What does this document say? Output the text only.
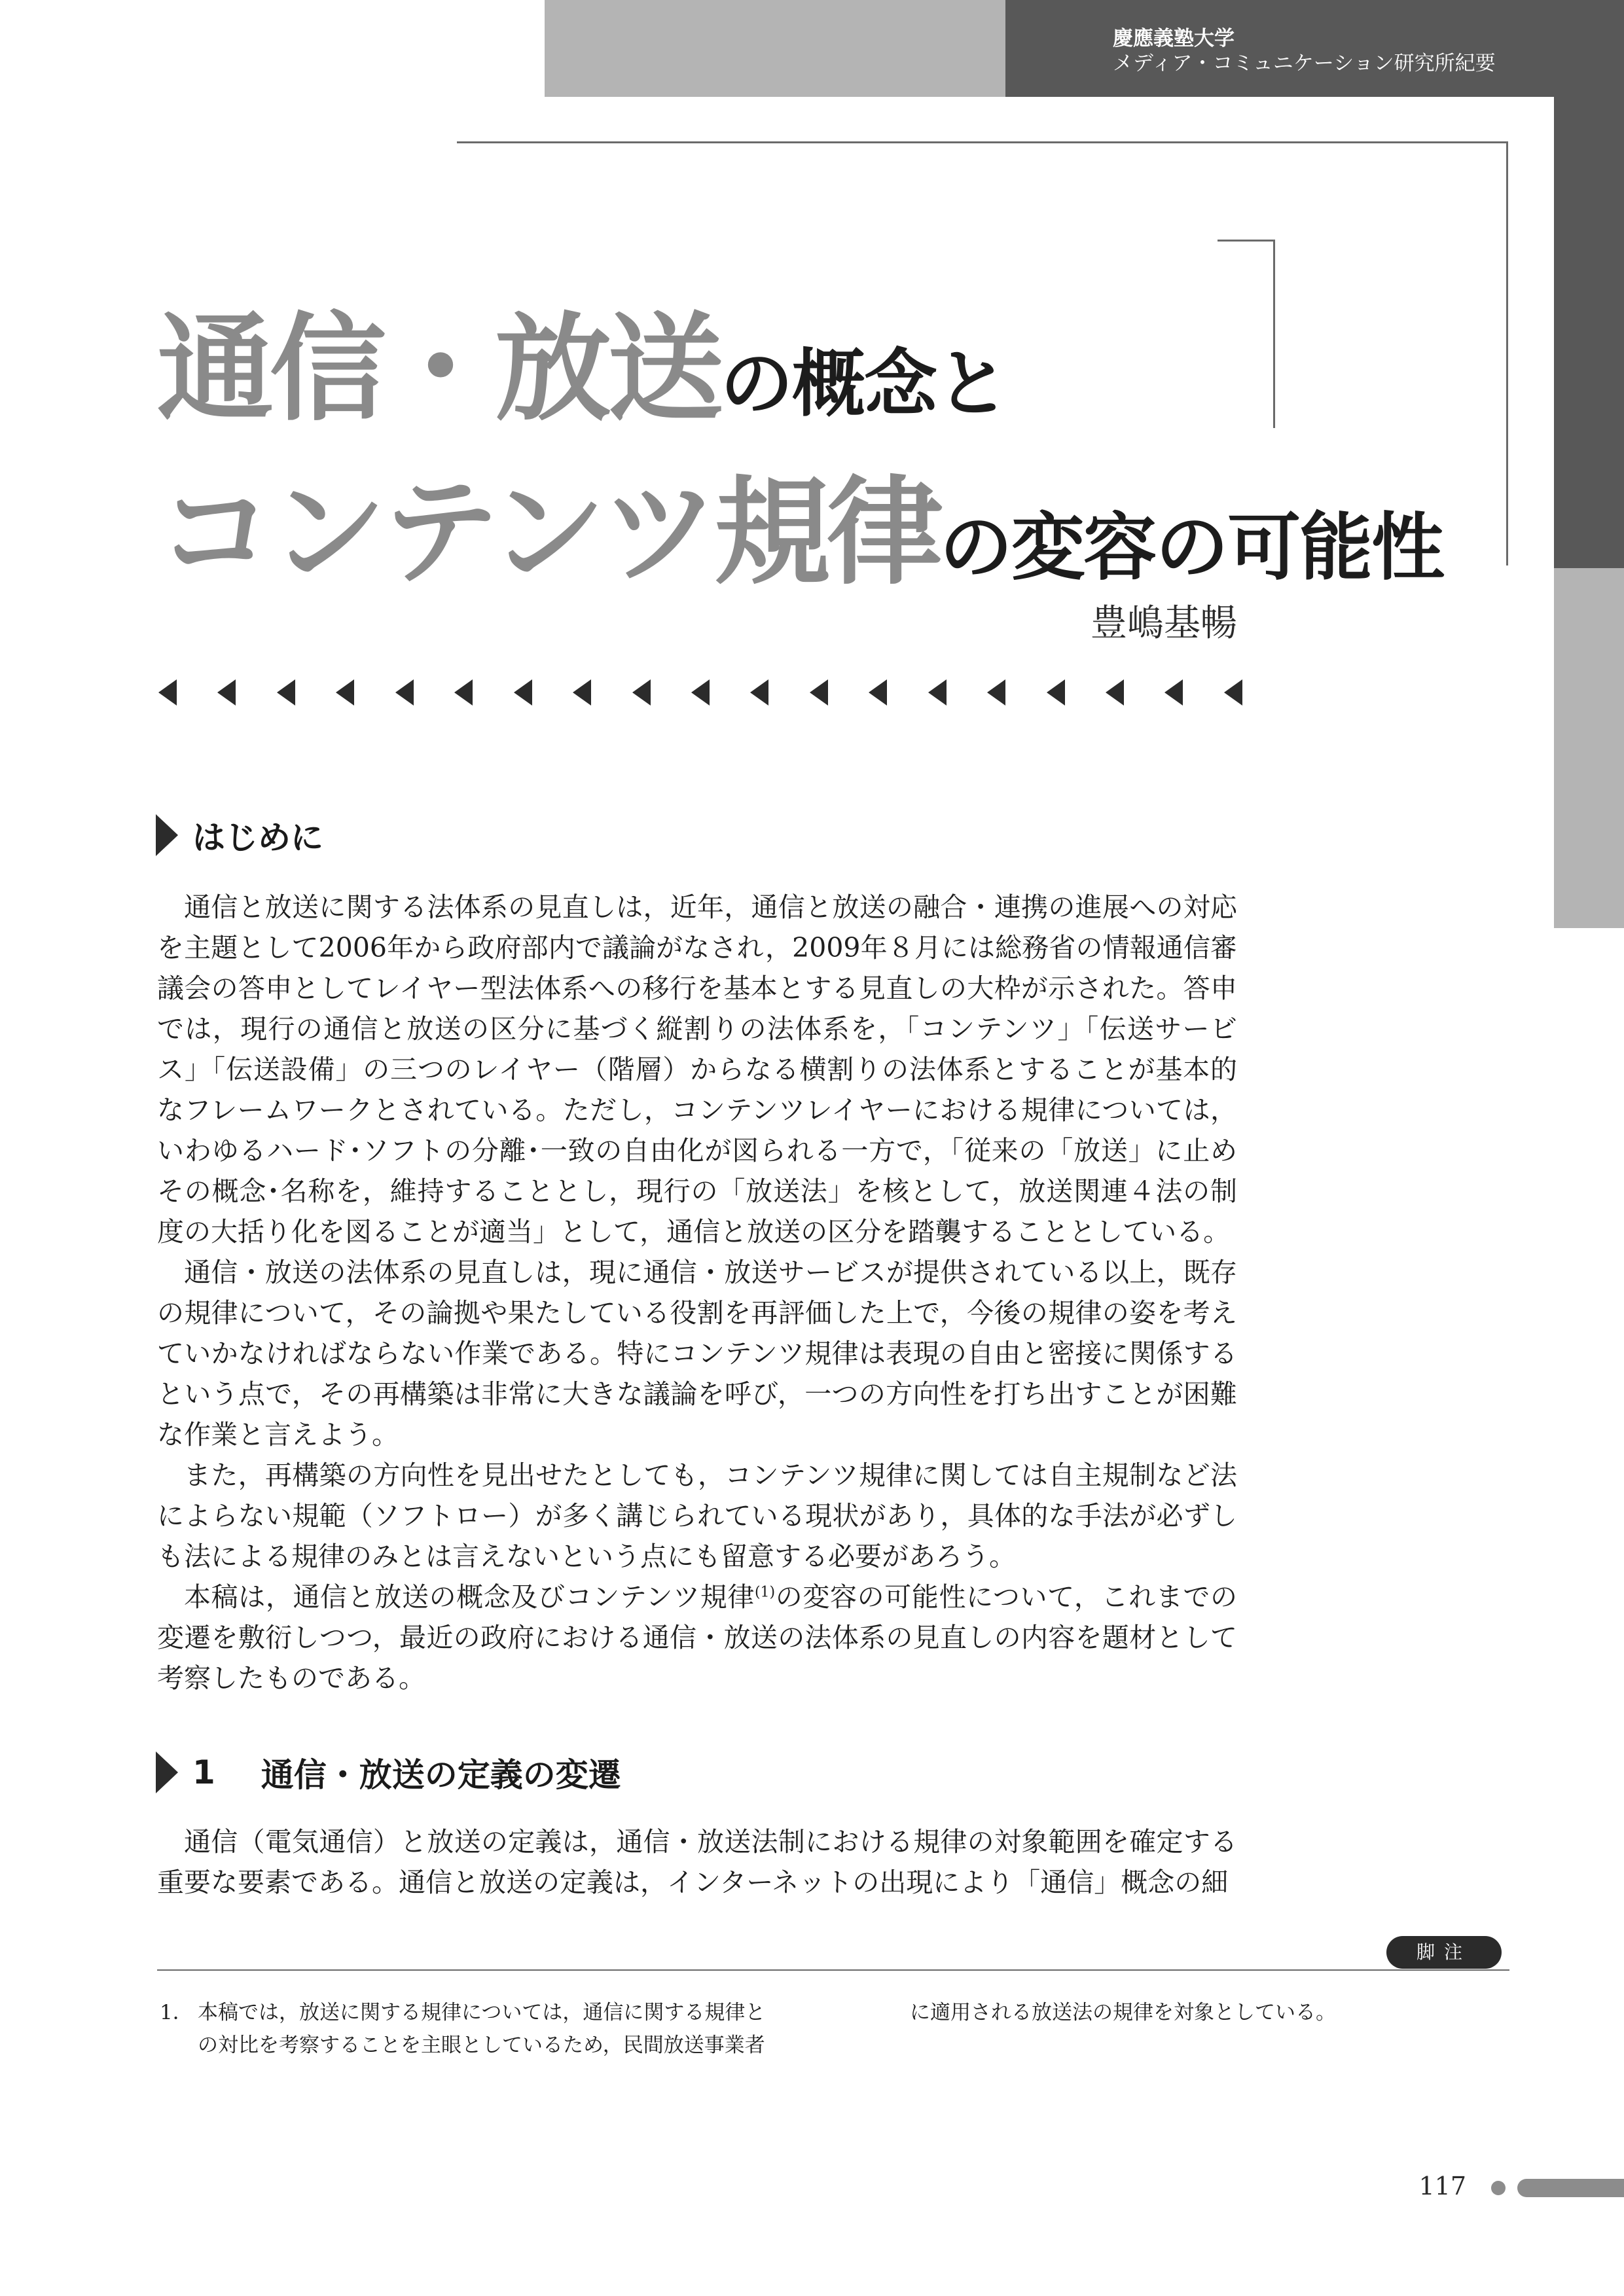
慶應義塾大学
メディア・コミュニケーション研究所紀要
通信・放送の概念と
コンテンツ規律の変容の可能性
豊嶋基暢
はじめに

通信と放送に関する法体系の見直しは，近年，通信と放送の融合・連携の進展への対応を主題として2006年から政府部内で議論がなされ，2009年８月には総務省の情報通信審議会の答申としてレイヤー型法体系への移行を基本とする見直しの大枠が示された。答申では，現行の通信と放送の区分に基づく縦割りの法体系を，「コンテンツ」「伝送サービス」「伝送設備」の三つのレイヤー（階層）からなる横割りの法体系とすることが基本的なフレームワークとされている。ただし，コンテンツレイヤーにおける規律については，いわゆるハード･ソフトの分離･一致の自由化が図られる一方で，「従来の「放送」に止めその概念･名称を，維持することとし，現行の「放送法」を核として，放送関連４法の制度の大括り化を図ることが適当」として，通信と放送の区分を踏襲することとしている。

通信・放送の法体系の見直しは，現に通信・放送サービスが提供されている以上，既存の規律について，その論拠や果たしている役割を再評価した上で，今後の規律の姿を考えていかなければならない作業である。特にコンテンツ規律は表現の自由と密接に関係するという点で，その再構築は非常に大きな議論を呼び，一つの方向性を打ち出すことが困難な作業と言えよう。

また，再構築の方向性を見出せたとしても，コンテンツ規律に関しては自主規制など法によらない規範（ソフトロー）が多く講じられている現状があり，具体的な手法が必ずしも法による規律のみとは言えないという点にも留意する必要があろう。

本稿は，通信と放送の概念及びコンテンツ規律$^{(1)}$の変容の可能性について，これまでの変遷を敷衍しつつ，最近の政府における通信・放送の法体系の見直しの内容を題材として考察したものである。

1 通信・放送の定義の変遷

通信（電気通信）と放送の定義は，通信・放送法制における規律の対象範囲を確定する重要な要素である。通信と放送の定義は，インターネットの出現により「通信」概念の細

脚注
1． 本稿では，放送に関する規律については，通信に関する規律と
の対比を考察することを主眼としているため，民間放送事業者
に適用される放送法の規律を対象としている。
117
